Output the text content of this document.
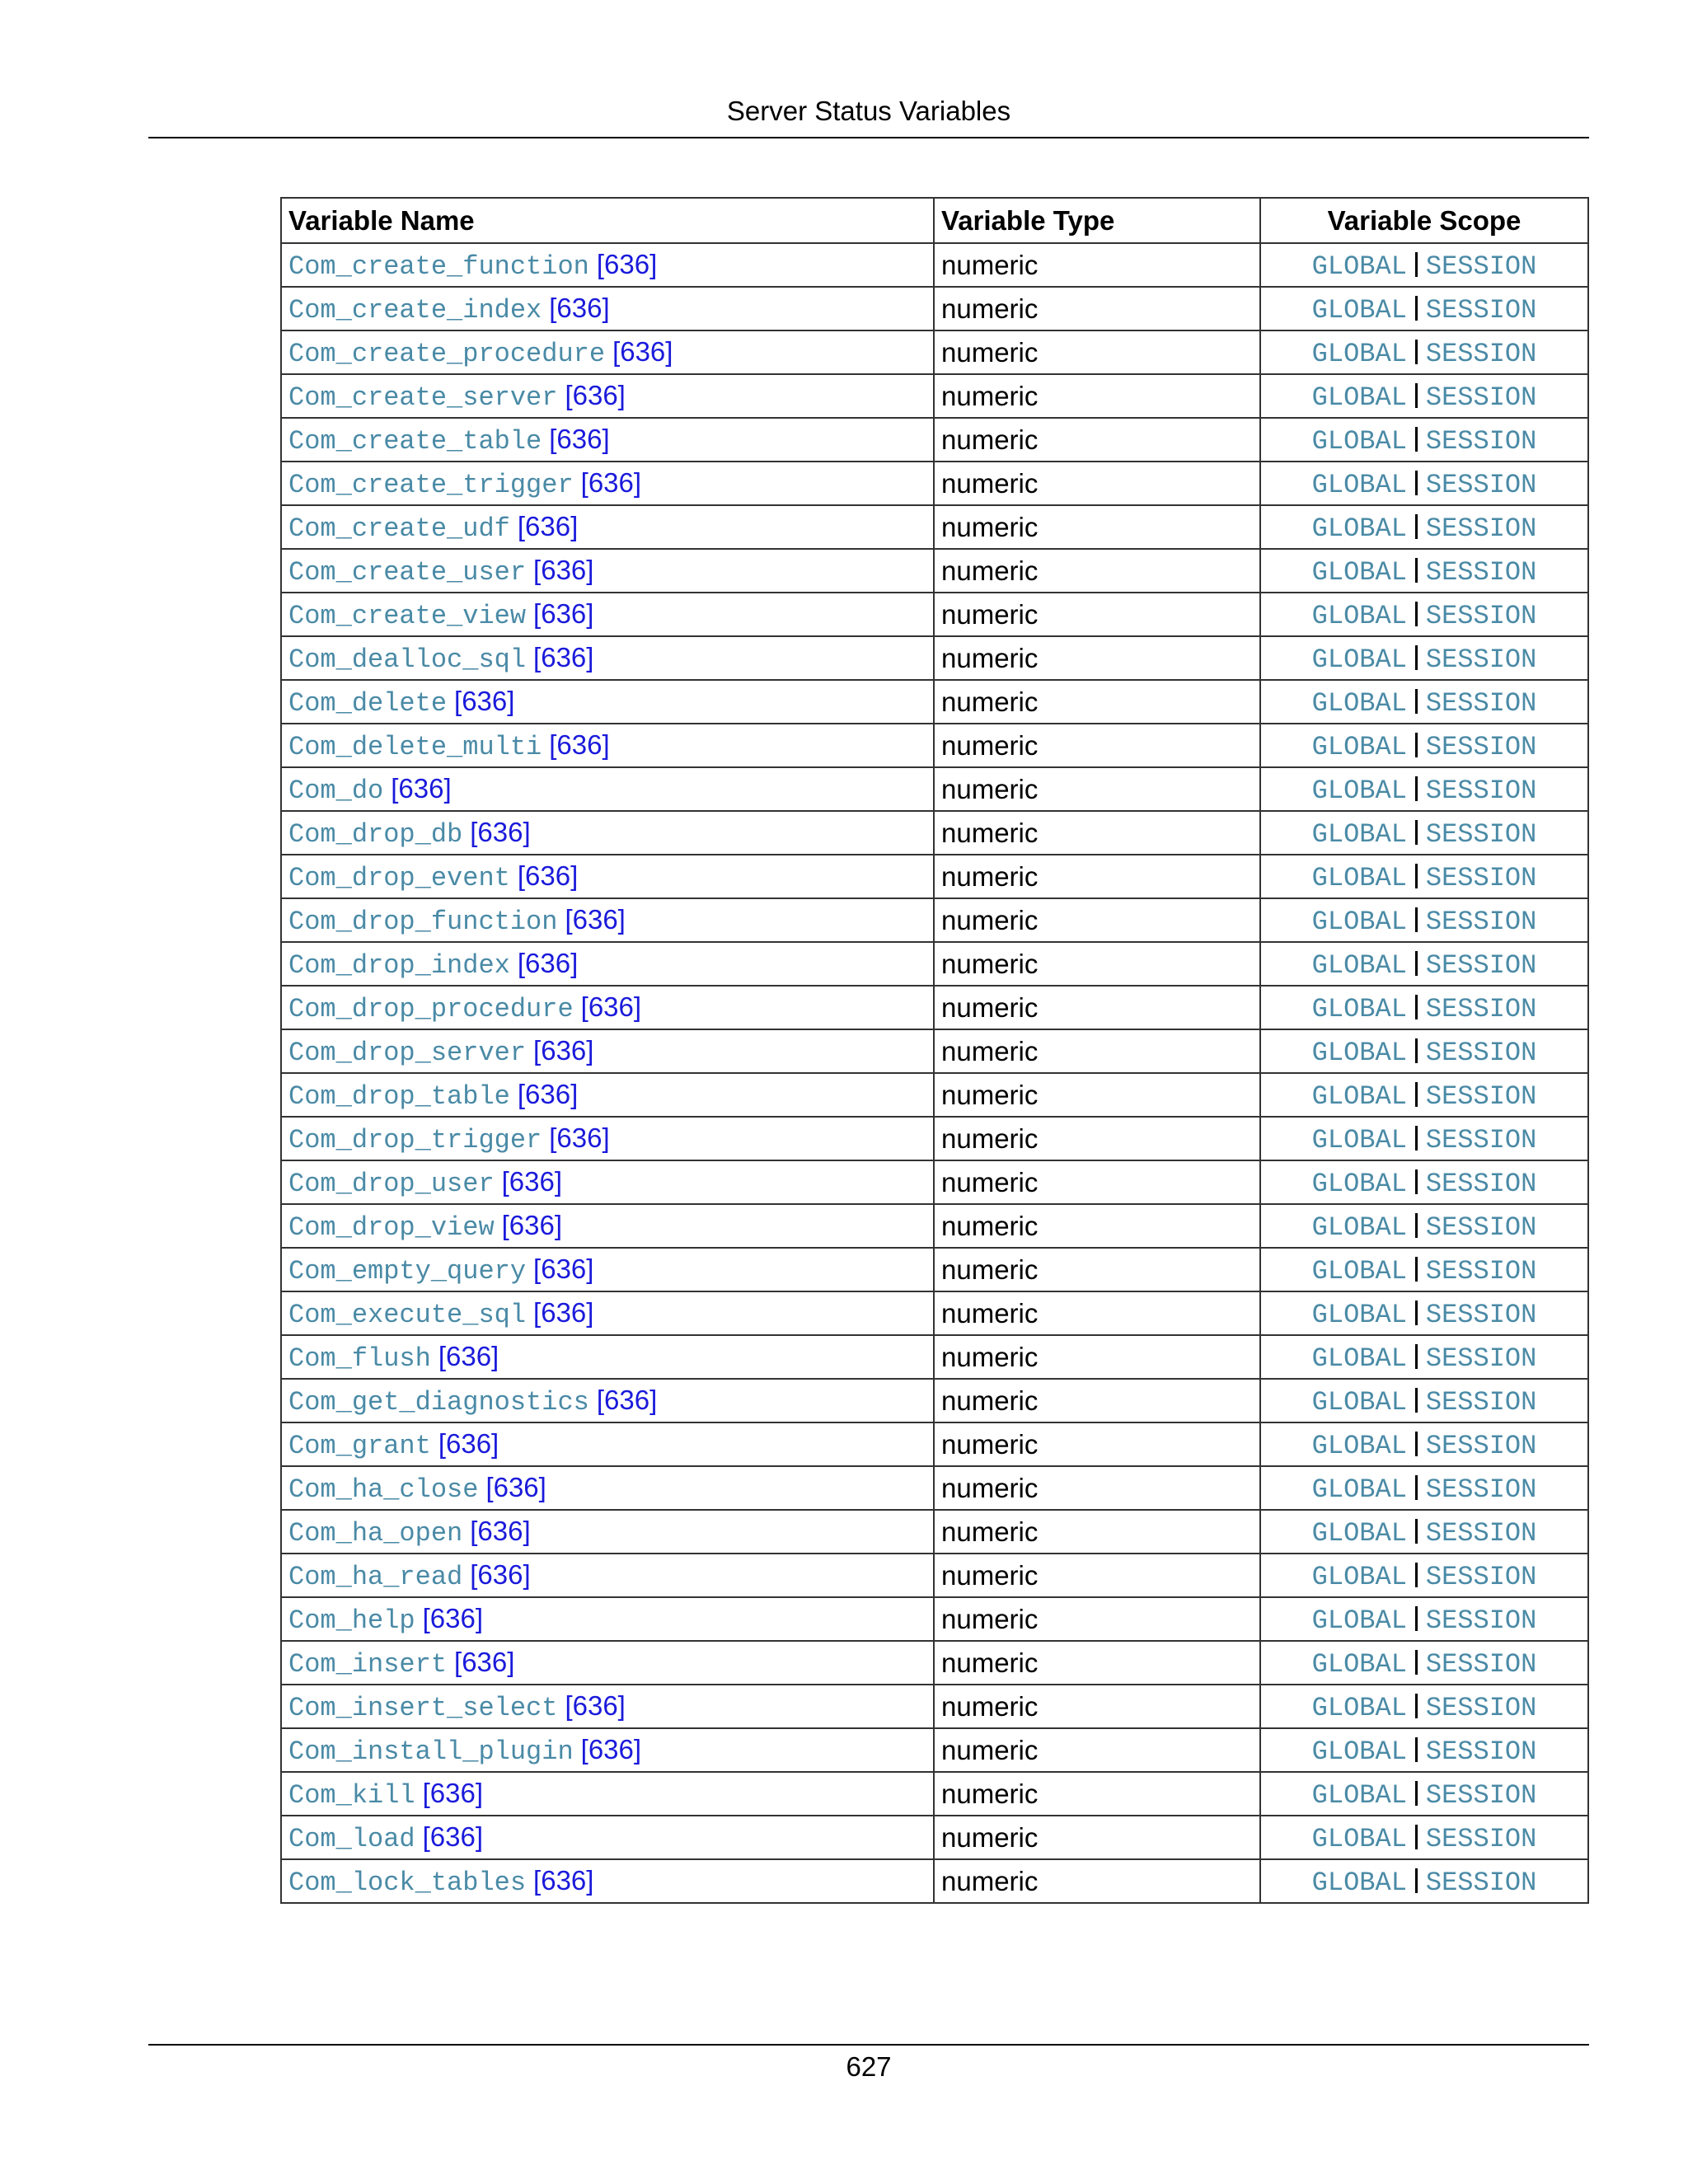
Server Status Variables
Variable Name	Variable Type	Variable Scope
Com_create_function [636]	numeric	GLOBAL SESSION
Com_create_index [636]	numeric	GLOBAL SESSION
Com_create_procedure [636]	numeric	GLOBAL SESSION
Com_create_server [636]	numeric	GLOBAL SESSION
Com_create_table [636]	numeric	GLOBAL SESSION
Com_create_trigger [636]	numeric	GLOBAL SESSION
Com_create_udf [636]	numeric	GLOBAL SESSION
Com_create_user [636]	numeric	GLOBAL SESSION
Com_create_view [636]	numeric	GLOBAL SESSION
Com_dealloc_sql [636]	numeric	GLOBAL SESSION
Com_delete [636]	numeric	GLOBAL SESSION
Com_delete_multi [636]	numeric	GLOBAL SESSION
Com_do [636]	numeric	GLOBAL SESSION
Com_drop_db [636]	numeric	GLOBAL SESSION
Com_drop_event [636]	numeric	GLOBAL SESSION
Com_drop_function [636]	numeric	GLOBAL SESSION
Com_drop_index [636]	numeric	GLOBAL SESSION
Com_drop_procedure [636]	numeric	GLOBAL SESSION
Com_drop_server [636]	numeric	GLOBAL SESSION
Com_drop_table [636]	numeric	GLOBAL SESSION
Com_drop_trigger [636]	numeric	GLOBAL SESSION
Com_drop_user [636]	numeric	GLOBAL SESSION
Com_drop_view [636]	numeric	GLOBAL SESSION
Com_empty_query [636]	numeric	GLOBAL SESSION
Com_execute_sql [636]	numeric	GLOBAL SESSION
Com_flush [636]	numeric	GLOBAL SESSION
Com_get_diagnostics [636]	numeric	GLOBAL SESSION
Com_grant [636]	numeric	GLOBAL SESSION
Com_ha_close [636]	numeric	GLOBAL SESSION
Com_ha_open [636]	numeric	GLOBAL SESSION
Com_ha_read [636]	numeric	GLOBAL SESSION
Com_help [636]	numeric	GLOBAL SESSION
Com_insert [636]	numeric	GLOBAL SESSION
Com_insert_select [636]	numeric	GLOBAL SESSION
Com_install_plugin [636]	numeric	GLOBAL SESSION
Com_kill [636]	numeric	GLOBAL SESSION
Com_load [636]	numeric	GLOBAL SESSION
Com_lock_tables [636]	numeric	GLOBAL SESSION
627
